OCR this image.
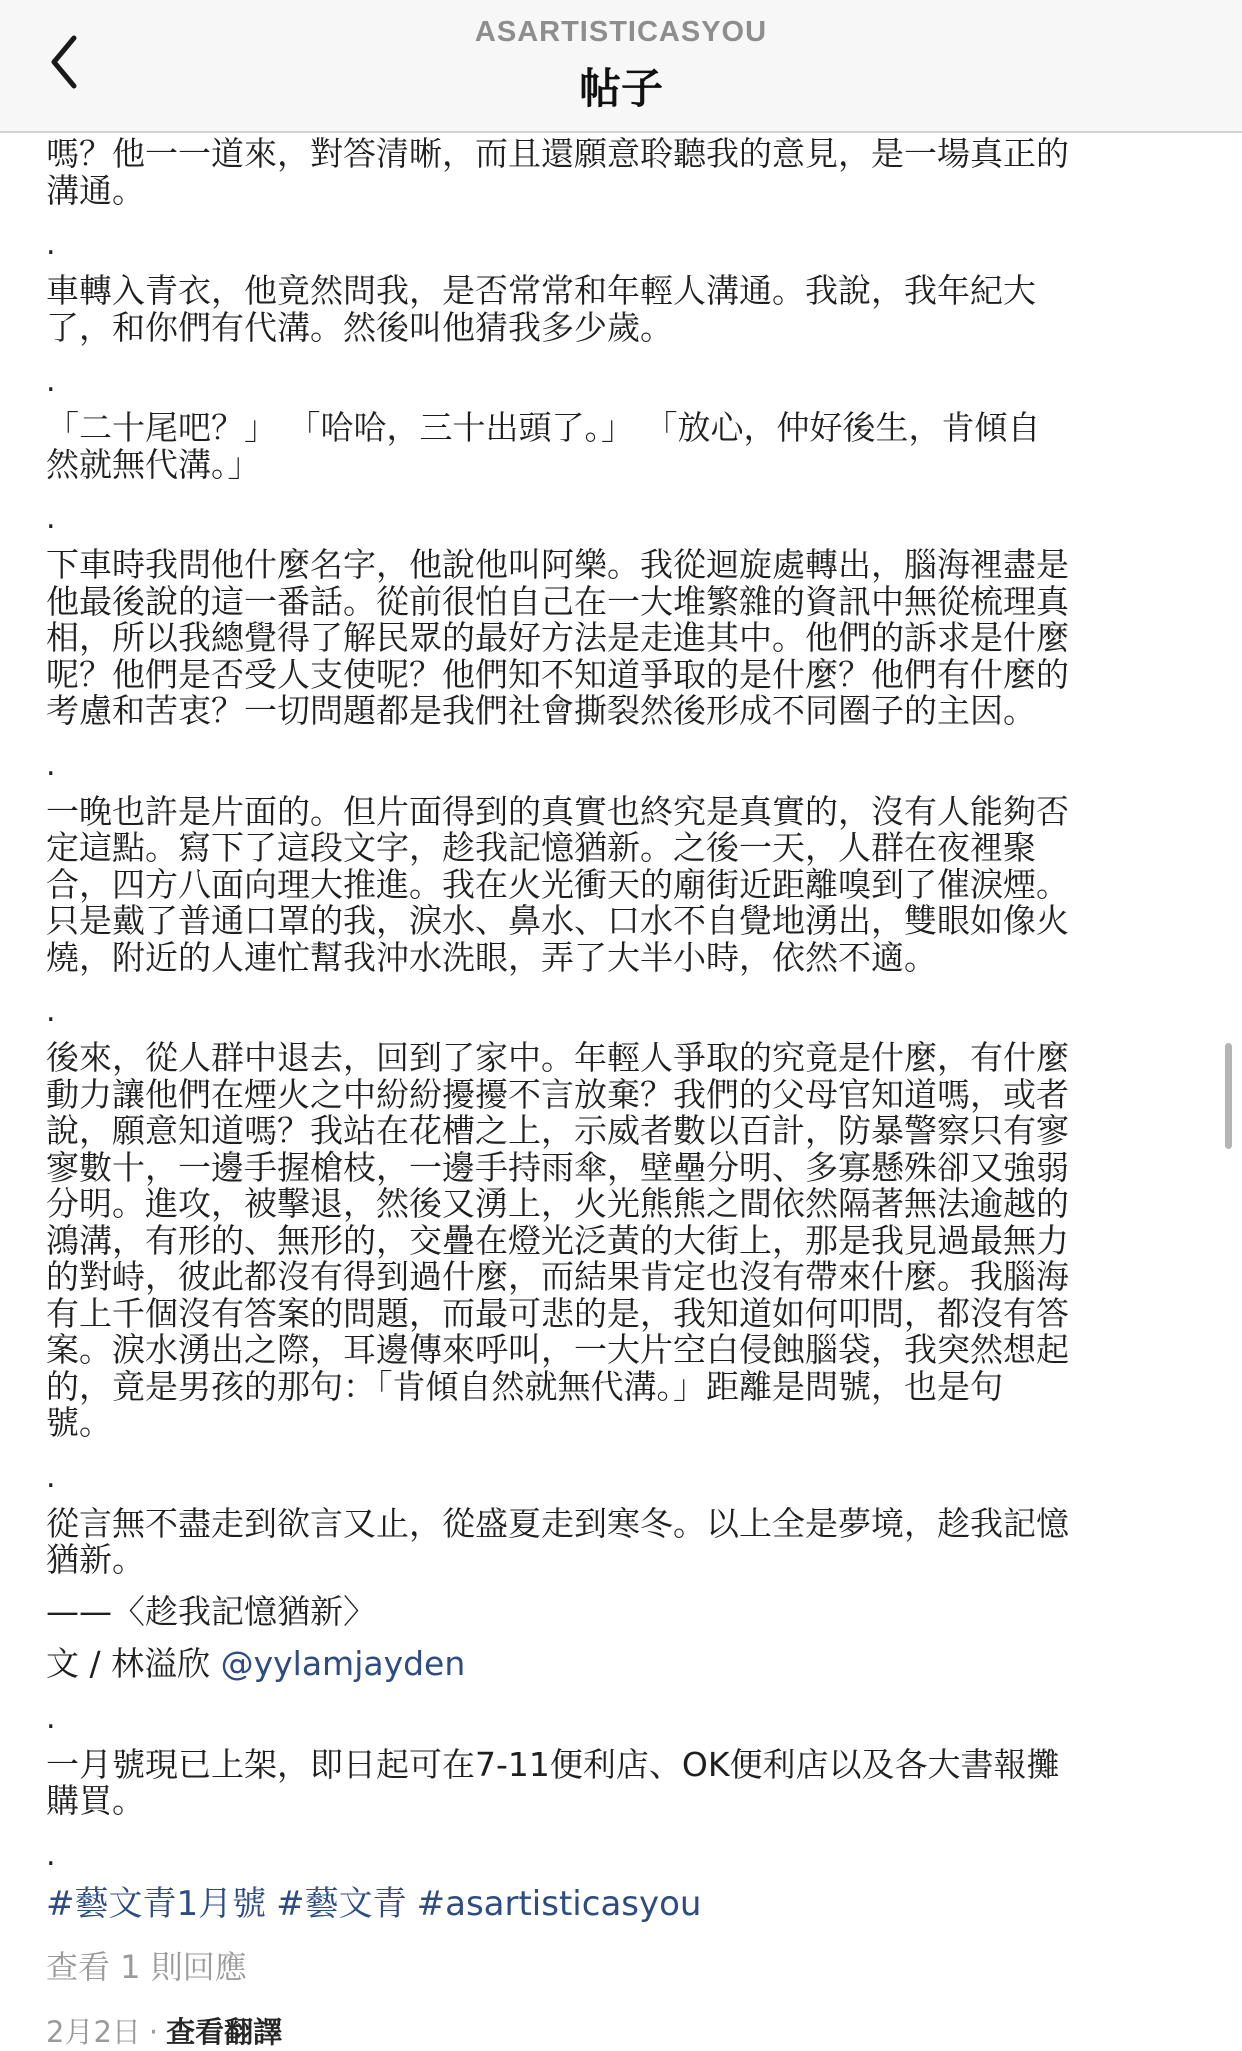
ASARTISTICASYOU
帖子

嗎？他一一道來，對答清晰，而且還願意聆聽我的意見，是一場真正的
溝通。

.

車轉入青衣，他竟然問我，是否常常和年輕人溝通。我說，我年紀大
了，和你們有代溝。然後叫他猜我多少歲。

.

「二十尾吧？」 「哈哈，三十出頭了。」 「放心，仲好後生，肯傾自
然就無代溝。」

.

下車時我問他什麼名字，他說他叫阿樂。我從迴旋處轉出，腦海裡盡是
他最後說的這一番話。從前很怕自己在一大堆繁雜的資訊中無從梳理真
相，所以我總覺得了解民眾的最好方法是走進其中。他們的訴求是什麼
呢？他們是否受人支使呢？他們知不知道爭取的是什麼？他們有什麼的
考慮和苦衷？一切問題都是我們社會撕裂然後形成不同圈子的主因。

.

一晚也許是片面的。但片面得到的真實也終究是真實的，沒有人能夠否
定這點。寫下了這段文字，趁我記憶猶新。之後一天，人群在夜裡聚
合，四方八面向理大推進。我在火光衝天的廟街近距離嗅到了催淚煙。
只是戴了普通口罩的我，淚水、鼻水、口水不自覺地湧出，雙眼如像火
燒，附近的人連忙幫我沖水洗眼，弄了大半小時，依然不適。

.

後來，從人群中退去，回到了家中。年輕人爭取的究竟是什麼，有什麼
動力讓他們在煙火之中紛紛擾擾不言放棄？我們的父母官知道嗎，或者
說，願意知道嗎？我站在花槽之上，示威者數以百計，防暴警察只有寥
寥數十，一邊手握槍枝，一邊手持雨傘，壁壘分明、多寡懸殊卻又強弱
分明。進攻，被擊退，然後又湧上，火光熊熊之間依然隔著無法逾越的
鴻溝，有形的、無形的，交疊在燈光泛黃的大街上，那是我見過最無力
的對峙，彼此都沒有得到過什麼，而結果肯定也沒有帶來什麼。我腦海
有上千個沒有答案的問題，而最可悲的是，我知道如何叩問，都沒有答
案。淚水湧出之際，耳邊傳來呼叫，一大片空白侵蝕腦袋，我突然想起
的，竟是男孩的那句：「肯傾自然就無代溝。」距離是問號，也是句
號。

.

從言無不盡走到欲言又止，從盛夏走到寒冬。以上全是夢境，趁我記憶
猶新。

——〈趁我記憶猶新〉

文 / 林溢欣 @yylamjayden

.

一月號現已上架，即日起可在7-11便利店、OK便利店以及各大書報攤
購買。

.
#藝文青1月號 #藝文青 #asartisticasyou
查看 1 則回應
2月2日 · 查看翻譯
